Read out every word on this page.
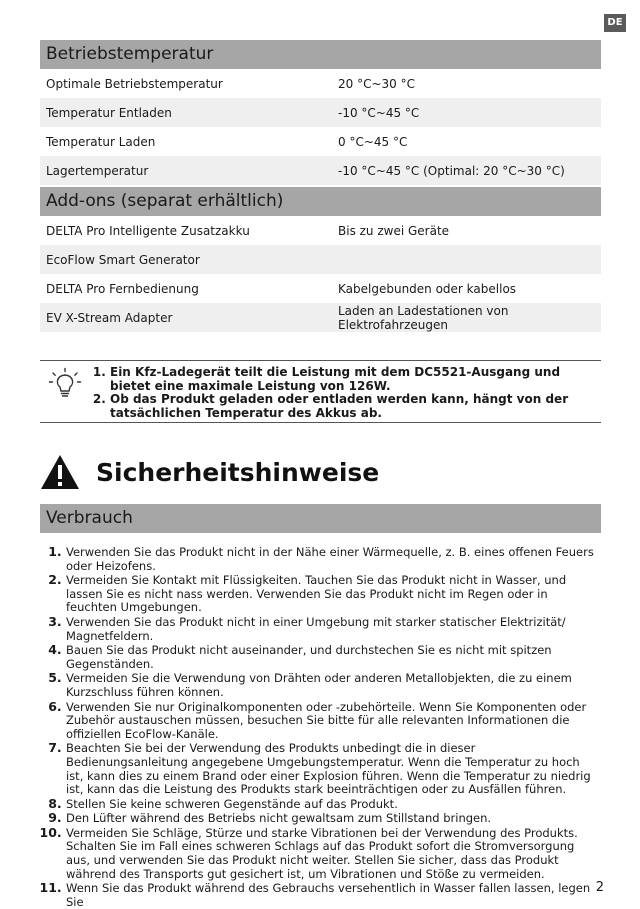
DE
Betriebstemperatur
Optimale Betriebstemperatur	20 °C~30 °C
Temperatur Entladen	-10 °C~45 °C
Temperatur Laden	0 °C~45 °C
Lagertemperatur	-10 °C~45 °C (Optimal: 20 °C~30 °C)
Add-ons (separat erhältlich)
DELTA Pro Intelligente Zusatzakku	Bis zu zwei Geräte
EcoFlow Smart Generator	
DELTA Pro Fernbedienung	Kabelgebunden oder kabellos
EV X-Stream Adapter	Laden an Ladestationen von Elektrofahrzeugen
1. Ein Kfz-Ladegerät teilt die Leistung mit dem DC5521-Ausgang und bietet eine maximale Leistung von 126W.
2. Ob das Produkt geladen oder entladen werden kann, hängt von der tatsächlichen Temperatur des Akkus ab.
Sicherheitshinweise
Verbrauch
1. Verwenden Sie das Produkt nicht in der Nähe einer Wärmequelle, z. B. eines offenen Feuers oder Heizofens.
2. Vermeiden Sie Kontakt mit Flüssigkeiten. Tauchen Sie das Produkt nicht in Wasser, und lassen Sie es nicht nass werden. Verwenden Sie das Produkt nicht im Regen oder in feuchten Umgebungen.
3. Verwenden Sie das Produkt nicht in einer Umgebung mit starker statischer Elektrizität/ Magnetfeldern.
4. Bauen Sie das Produkt nicht auseinander, und durchstechen Sie es nicht mit spitzen Gegenständen.
5. Vermeiden Sie die Verwendung von Drähten oder anderen Metallobjekten, die zu einem Kurzschluss führen können.
6. Verwenden Sie nur Originalkomponenten oder -zubehörteile. Wenn Sie Komponenten oder Zubehör austauschen müssen, besuchen Sie bitte für alle relevanten Informationen die offiziellen EcoFlow-Kanäle.
7. Beachten Sie bei der Verwendung des Produkts unbedingt die in dieser Bedienungsanleitung angegebene Umgebungstemperatur. Wenn die Temperatur zu hoch ist, kann dies zu einem Brand oder einer Explosion führen. Wenn die Temperatur zu niedrig ist, kann das die Leistung des Produkts stark beeinträchtigen oder zu Ausfällen führen.
8. Stellen Sie keine schweren Gegenstände auf das Produkt.
9. Den Lüfter während des Betriebs nicht gewaltsam zum Stillstand bringen.
10. Vermeiden Sie Schläge, Stürze und starke Vibrationen bei der Verwendung des Produkts. Schalten Sie im Fall eines schweren Schlags auf das Produkt sofort die Stromversorgung aus, und verwenden Sie das Produkt nicht weiter. Stellen Sie sicher, dass das Produkt während des Transports gut gesichert ist, um Vibrationen und Stöße zu vermeiden.
11. Wenn Sie das Produkt während des Gebrauchs versehentlich in Wasser fallen lassen, legen Sie
2
